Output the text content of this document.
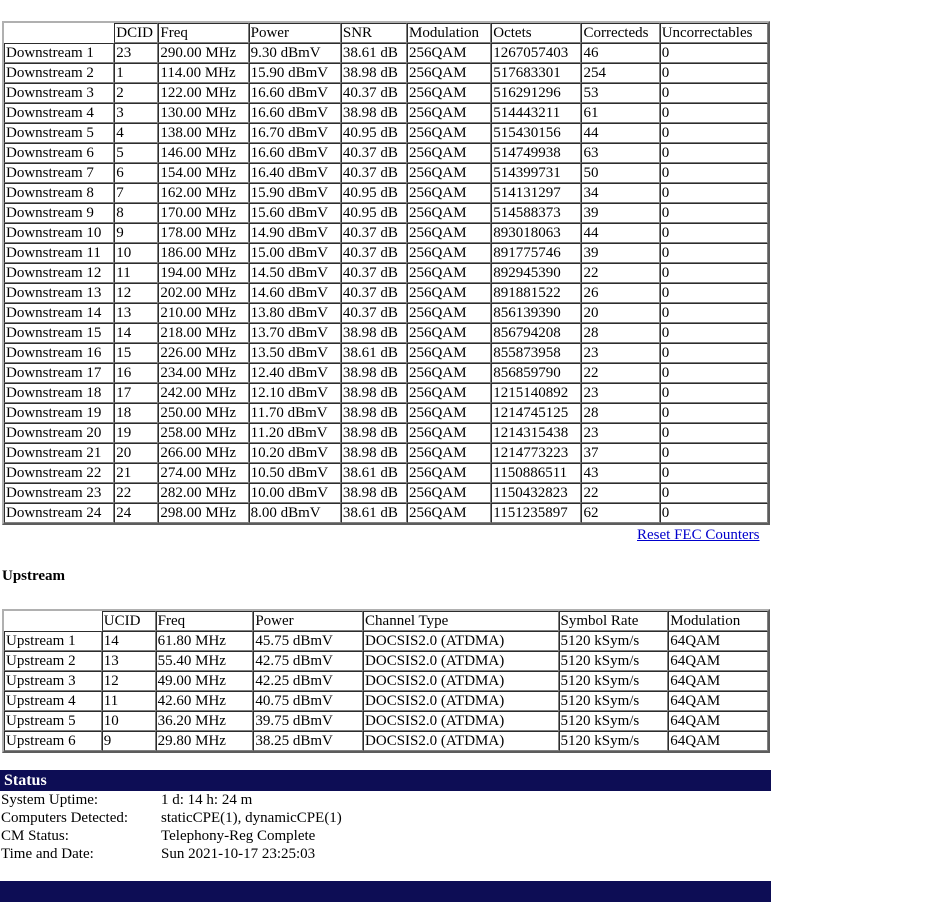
	DCID	Freq	Power	SNR	Modulation	Octets	Correcteds	Uncorrectables
Downstream 1	23	290.00 MHz	9.30 dBmV	38.61 dB	256QAM	1267057403	46	0
Downstream 2	1	114.00 MHz	15.90 dBmV	38.98 dB	256QAM	517683301	254	0
Downstream 3	2	122.00 MHz	16.60 dBmV	40.37 dB	256QAM	516291296	53	0
Downstream 4	3	130.00 MHz	16.60 dBmV	38.98 dB	256QAM	514443211	61	0
Downstream 5	4	138.00 MHz	16.70 dBmV	40.95 dB	256QAM	515430156	44	0
Downstream 6	5	146.00 MHz	16.60 dBmV	40.37 dB	256QAM	514749938	63	0
Downstream 7	6	154.00 MHz	16.40 dBmV	40.37 dB	256QAM	514399731	50	0
Downstream 8	7	162.00 MHz	15.90 dBmV	40.95 dB	256QAM	514131297	34	0
Downstream 9	8	170.00 MHz	15.60 dBmV	40.95 dB	256QAM	514588373	39	0
Downstream 10	9	178.00 MHz	14.90 dBmV	40.37 dB	256QAM	893018063	44	0
Downstream 11	10	186.00 MHz	15.00 dBmV	40.37 dB	256QAM	891775746	39	0
Downstream 12	11	194.00 MHz	14.50 dBmV	40.37 dB	256QAM	892945390	22	0
Downstream 13	12	202.00 MHz	14.60 dBmV	40.37 dB	256QAM	891881522	26	0
Downstream 14	13	210.00 MHz	13.80 dBmV	40.37 dB	256QAM	856139390	20	0
Downstream 15	14	218.00 MHz	13.70 dBmV	38.98 dB	256QAM	856794208	28	0
Downstream 16	15	226.00 MHz	13.50 dBmV	38.61 dB	256QAM	855873958	23	0
Downstream 17	16	234.00 MHz	12.40 dBmV	38.98 dB	256QAM	856859790	22	0
Downstream 18	17	242.00 MHz	12.10 dBmV	38.98 dB	256QAM	1215140892	23	0
Downstream 19	18	250.00 MHz	11.70 dBmV	38.98 dB	256QAM	1214745125	28	0
Downstream 20	19	258.00 MHz	11.20 dBmV	38.98 dB	256QAM	1214315438	23	0
Downstream 21	20	266.00 MHz	10.20 dBmV	38.98 dB	256QAM	1214773223	37	0
Downstream 22	21	274.00 MHz	10.50 dBmV	38.61 dB	256QAM	1150886511	43	0
Downstream 23	22	282.00 MHz	10.00 dBmV	38.98 dB	256QAM	1150432823	22	0
Downstream 24	24	298.00 MHz	8.00 dBmV	38.61 dB	256QAM	1151235897	62	0
Reset FEC Counters
Upstream
	UCID	Freq	Power	Channel Type	Symbol Rate	Modulation
Upstream 1	14	61.80 MHz	45.75 dBmV	DOCSIS2.0 (ATDMA)	5120 kSym/s	64QAM
Upstream 2	13	55.40 MHz	42.75 dBmV	DOCSIS2.0 (ATDMA)	5120 kSym/s	64QAM
Upstream 3	12	49.00 MHz	42.25 dBmV	DOCSIS2.0 (ATDMA)	5120 kSym/s	64QAM
Upstream 4	11	42.60 MHz	40.75 dBmV	DOCSIS2.0 (ATDMA)	5120 kSym/s	64QAM
Upstream 5	10	36.20 MHz	39.75 dBmV	DOCSIS2.0 (ATDMA)	5120 kSym/s	64QAM
Upstream 6	9	29.80 MHz	38.25 dBmV	DOCSIS2.0 (ATDMA)	5120 kSym/s	64QAM
Status
System Uptime:	1 d: 14 h: 24 m
Computers Detected:	staticCPE(1), dynamicCPE(1)
CM Status:	Telephony-Reg Complete
Time and Date:	Sun 2021-10-17 23:25:03
